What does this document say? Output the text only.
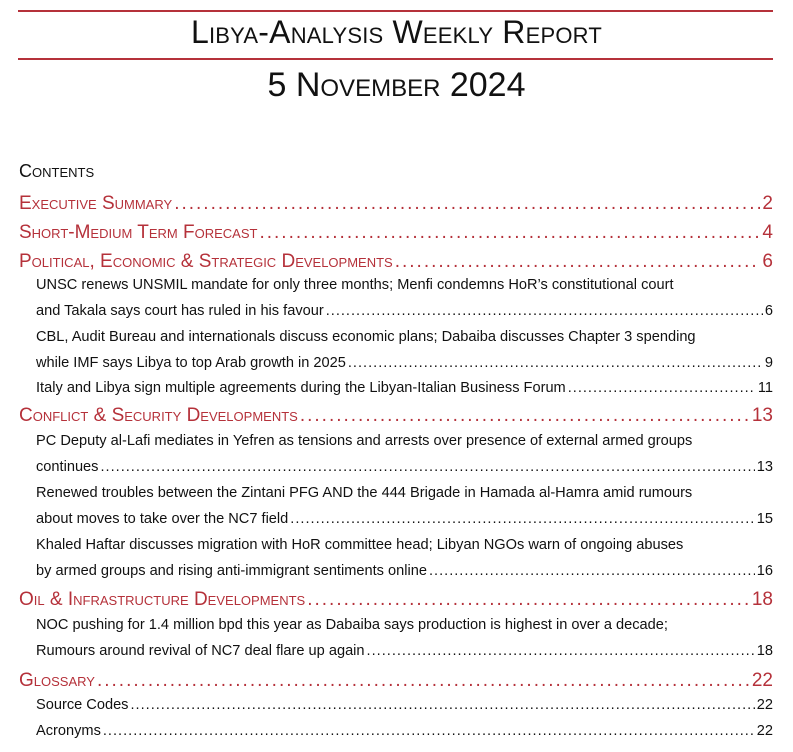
Libya-Analysis Weekly Report
5 November 2024
Contents
Executive Summary .....	2
Short-Medium Term Forecast .....	4
Political, Economic & Strategic Developments .....	6
UNSC renews UNSMIL mandate for only three months; Menfi condemns HoR’s constitutional court
and Takala says court has ruled in his favour .....	6
CBL, Audit Bureau and internationals discuss economic plans; Dabaiba discusses Chapter 3 spending
while IMF says Libya to top Arab growth in 2025 .....	9
Italy and Libya sign multiple agreements during the Libyan-Italian Business Forum .....	11
Conflict & Security Developments .....	13
PC Deputy al-Lafi mediates in Yefren as tensions and arrests over presence of external armed groups
continues .....	13
Renewed troubles between the Zintani PFG AND the 444 Brigade in Hamada al-Hamra amid rumours
about moves to take over the NC7 field .....	15
Khaled Haftar discusses migration with HoR committee head; Libyan NGOs warn of ongoing abuses
by armed groups and rising anti-immigrant sentiments online .....	16
Oil & Infrastructure Developments .....	18
NOC pushing for 1.4 million bpd this year as Dabaiba says production is highest in over a decade;
Rumours around revival of NC7 deal flare up again .....	18
Glossary .....	22
Source Codes .....	22
Acronyms .....	22
